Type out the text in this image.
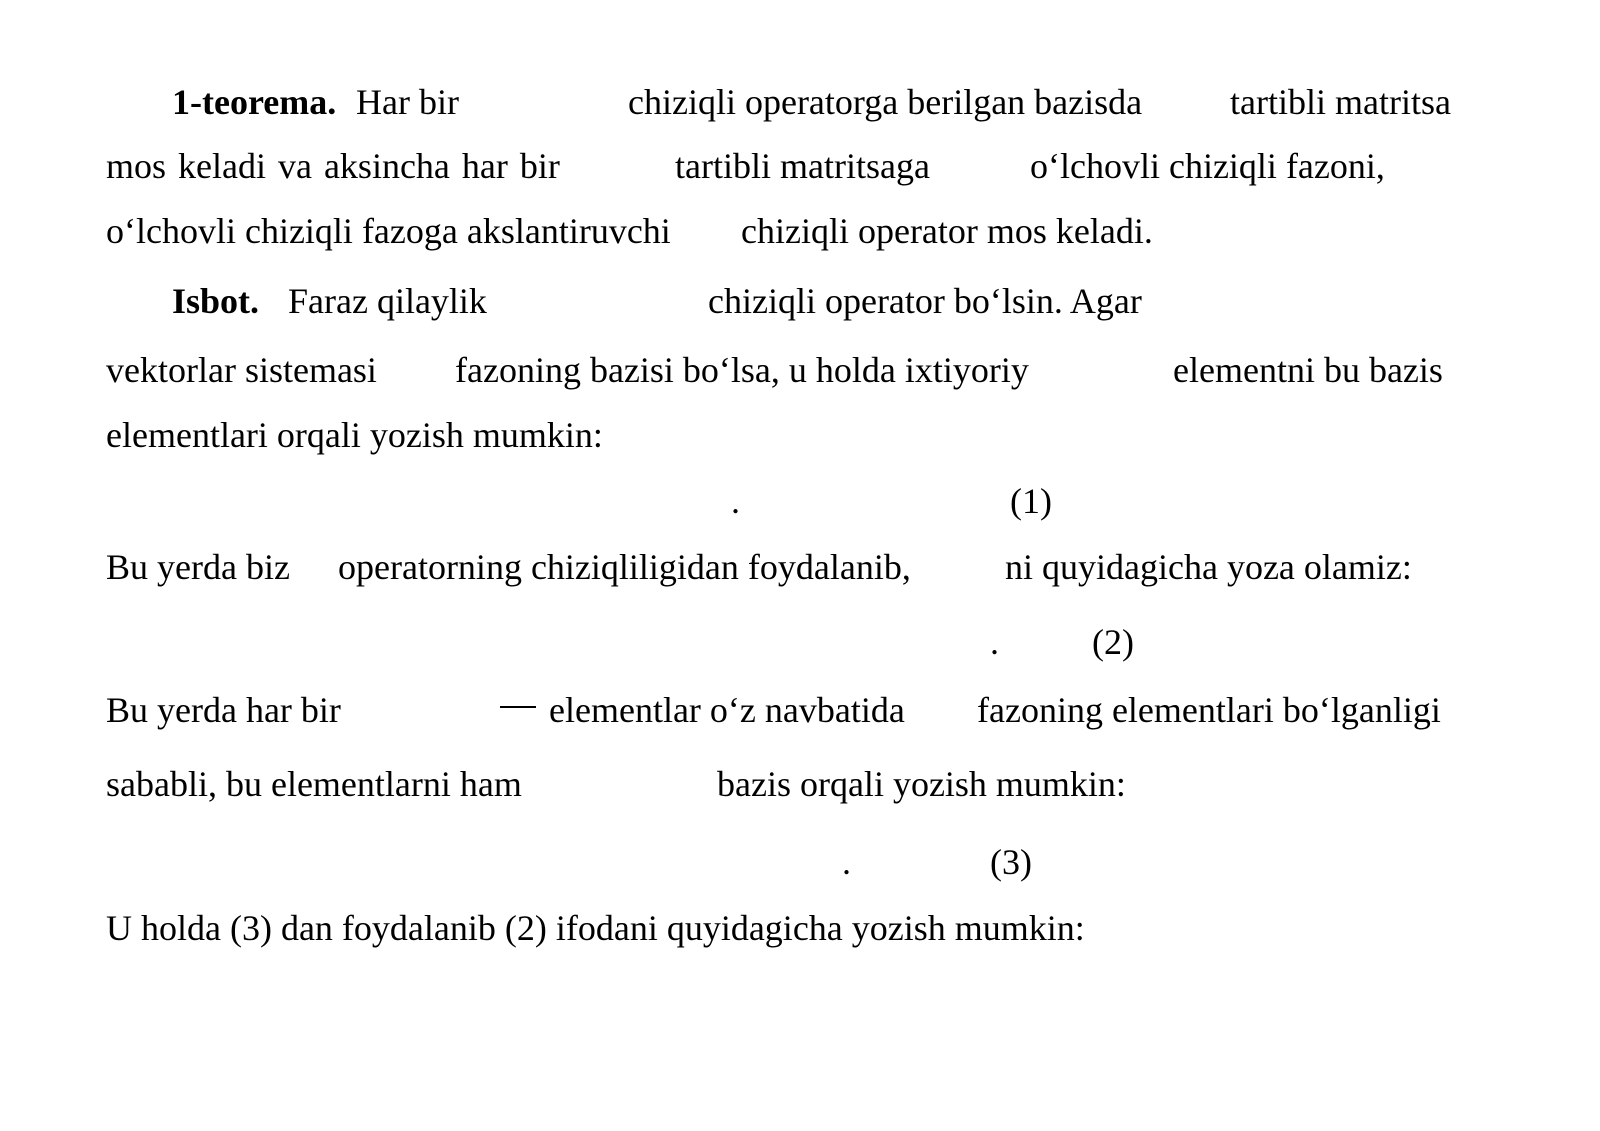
1-teorema. Har bir	chiziqli operatorga berilgan bazisda tartibli matritsa
mos keladi va aksincha har bir	tartibli matritsaga	o‘lchovli chiziqli fazoni,
o‘lchovli chiziqli fazoga akslantiruvchi chiziqli operator mos keladi.
Isbot. Faraz qilaylik	chiziqli operator bo‘lsin. Agar
vektorlar sistemasi fazoning bazisi bo‘lsa, u holda ixtiyoriy	elementni bu bazis
elementlari orqali yozish mumkin:
.	(1)
Bu yerda biz operatorning chiziqliligidan foydalanib,	ni quyidagicha yoza olamiz:
.	(2)
Bu yerda har bir	elementlar o‘z navbatida fazoning elementlari bo‘lganligi
sababli, bu elementlarni ham	bazis orqali yozish mumkin:
.	(3)
U holda (3) dan foydalanib (2) ifodani quyidagicha yozish mumkin:
